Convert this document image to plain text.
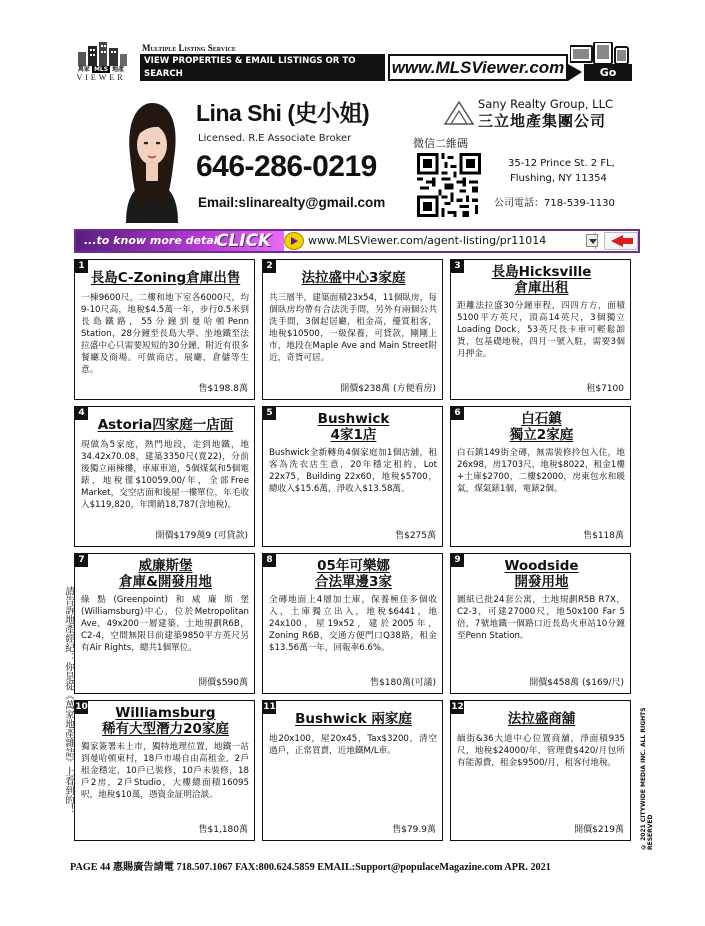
萬家 MLS 地產
VIEWER
Multiple Listing Service
VIEW PROPERTIES & EMAIL LISTINGS OR TO SEARCH
ANY SERVICE PROVIDERS 24/7 A DAY, 365
www.MLSViewer.com	Go
Lina Shi (史小姐)
Licensed. R.E Associate Broker
646-286-0219
Email:slinarealty@gmail.com
微信二維碼
Sany Realty Group, LLC
三立地產集團公司
35-12 Prince St. 2 FL,
Flushing, NY 11354
公司電話：718-539-1130
...to know more detail
CLICK	www.MLSViewer.com/agent-listing/pr11014
1
長島C-Zoning倉庫出售
一棟9600尺，二樓和地下室各6000尺，均9-10尺高，地稅$4.5萬一年，步行0.5米到長島鐵路，55分鐘到曼哈頓Penn Station，28分鐘至長島大學、坐地鐵至法拉盛中心只需要短短的30分鐘，附近有很多餐廳及商場。可做商店，展廳，倉儲等生意。
售$198.8萬
2
法拉盛中心3家庭
共三層半，建築面積23x54，11個臥房，每個臥房均帶有合法洗手間，另外有兩個公共洗手間，3個起居廳，租金高，優質租客，地稅$10500，一級保養，可貸款，剛剛上市，地段在Maple Ave and Main Street附近，奇貨可居。
開價$238萬 (方便看房)
3	長島Hicksville
倉庫出租
距離法拉盛30分鐘車程，四四方方，面積5100平方英尺，頂高14英尺，3個獨立Loading Dock，53英尺長卡車可輕鬆卸貨，包基礎地稅，四月一號入駐，需要3個月押金。
租$7100
4
Astoria四家庭一店面
現做為5家庭，熱門地段，走到地鐵，地34.42x70.08，建築3350尺(寬22)，分前後獨立兩棟樓，車庫車道，5個煤氣和5個電錶，地稅僅$10059.00/年，全部Free Market，交空店面和後屋一樓單位，年毛收入$119,820，年開銷18,787(含地稅)。
開價$179萬9 (可貸款)
5	Bushwick
4家1店
Bushwick全新轉角4個家庭加1個店舖，租客為洗衣店生意，20年穩定租約，Lot 22x75，Building 22x60，地稅$5700，總收入$15.6萬，淨收入$13.58萬。
售$275萬
6	白石鎮
獨立2家庭
白石鎮149街全磚，無需裝修拎包入住，地26x98，房1703尺，地稅$8022，租金1樓+土庫$2700，二樓$2000，房東包水和暖氣，煤氣錶1個，電錶2個。
售$118萬
7	威廉斯堡
倉庫&開發用地
綠點(Greenpoint)和威廉斯堡(Williamsburg)中心，位於Metropolitan Ave，49x200一層建築，土地規劃R6B，C2-4，空間無限目前建築9850平方英尺另有Air Rights，總共1個單位。
開價$590萬
8	05年可樂娜
合法單邊3家
全磚地面上4層加土庫，保養極佳多個收入，土庫獨立出入，地稅$6441，地24x100，屋19x52，建於2005年，Zoning R6B，交通方便門口Q38路，租金$13.56萬一年，回報率6.6%。
售$180萬(可議)
9	Woodside
開發用地
圖紙已批24套公寓，土地規劃R5B R7X，C2-3，可建27000尺，地50x100 Far 5倍，7號地鐵一個路口近長島火車站10分鐘至Penn Station。
開價$458萬 ($169/尺)
10	Williamsburg
稀有大型潛力20家庭
獨家簽署未上市，獨特地理位置，地鐵一站到曼哈頓東村，18戶市場自由高租金，2戶租金穩定，10戶已裝修，10戶未裝修，18戶2房，2戶Studio，大樓總面積16095呎，地稅$10萬，憑資金証明洽談。
售$1,180萬
11
Bushwick 兩家庭
地20x100，屋20x45，Tax$3200，清空過戶，正常買賣，近地鐵M/L車。
售$79.9萬
12
法拉盛商舖
緬街&36大道中心位置商舖，淨面積935尺，地稅$24000/年，管理費$420/月包所有能源費，租金$9500/月，租客付地稅。
開價$219萬
請告訴地產經紀：你是從《萬家地產雜誌》上看到的！	© 2021 CITYWIDE MEDIA INC. ALL RIGHTS RESERVED
PAGE 44 惠賜廣告請電 718.507.1067 FAX:800.624.5859 EMAIL:Support@populaceMagazine.com APR. 2021
